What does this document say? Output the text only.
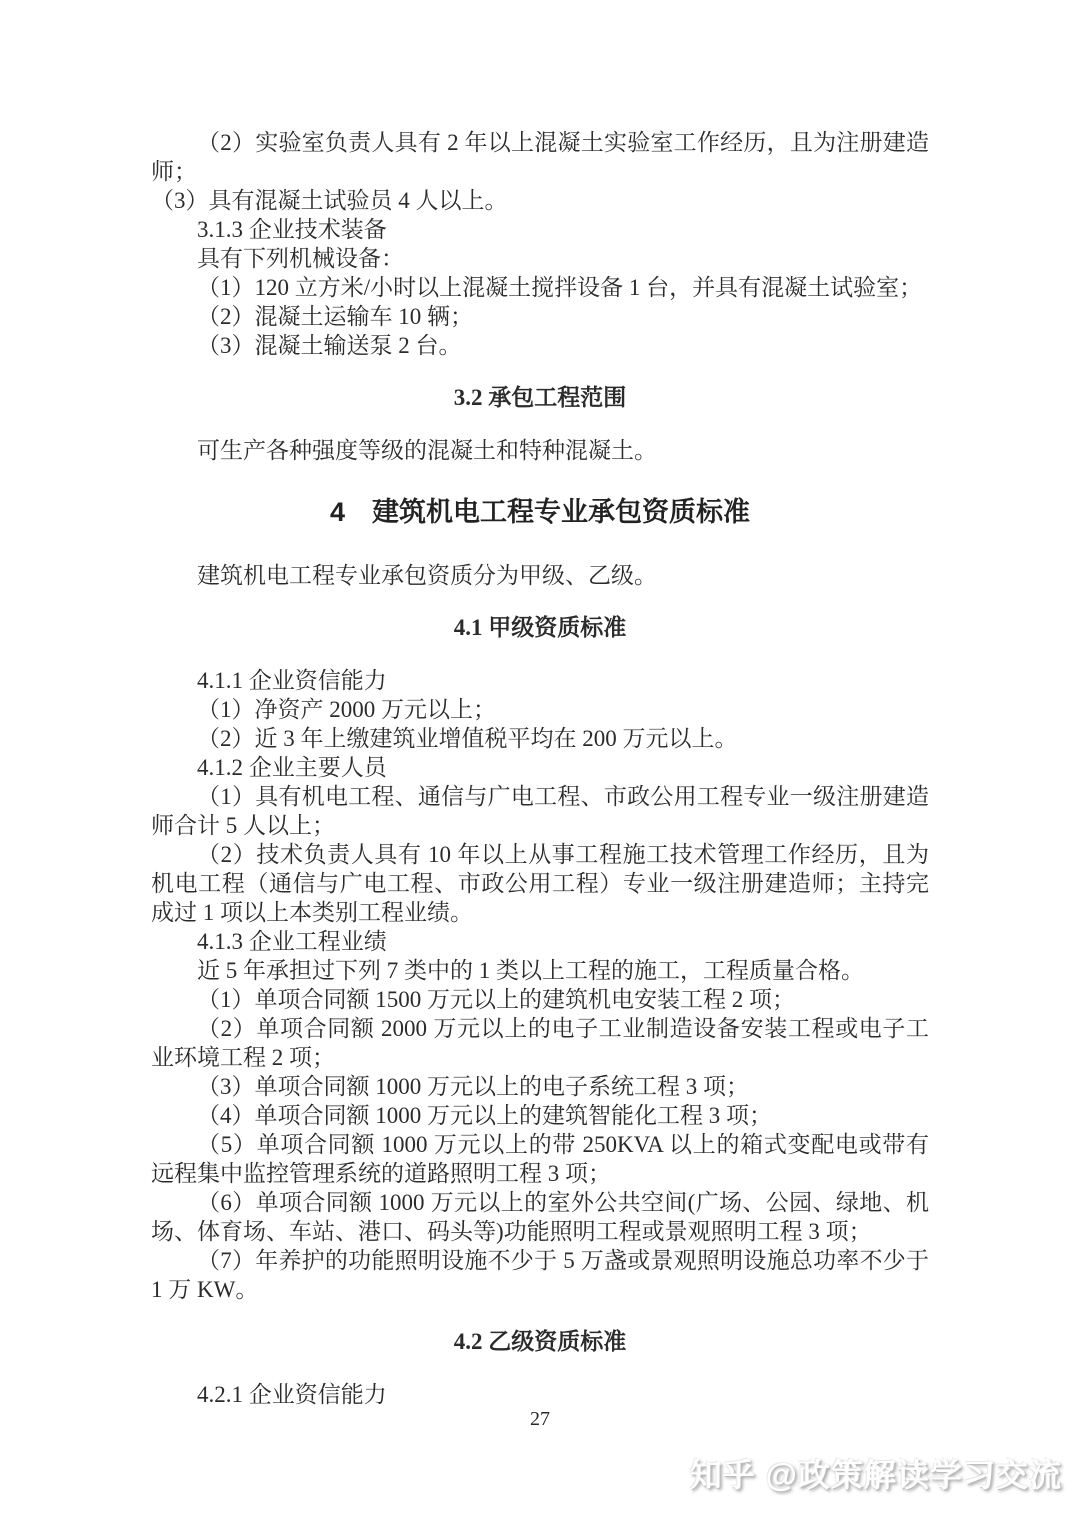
（2）实验室负责人具有 2 年以上混凝土实验室工作经历，且为注册建造师；

（3）具有混凝土试验员 4 人以上。

3.1.3 企业技术装备

具有下列机械设备：

（1）120 立方米/小时以上混凝土搅拌设备 1 台，并具有混凝土试验室；

（2）混凝土运输车 10 辆；

（3）混凝土输送泵 2 台。

3.2 承包工程范围

可生产各种强度等级的混凝土和特种混凝土。

4　建筑机电工程专业承包资质标准

建筑机电工程专业承包资质分为甲级、乙级。

4.1 甲级资质标准

4.1.1 企业资信能力

（1）净资产 2000 万元以上；

（2）近 3 年上缴建筑业增值税平均在 200 万元以上。

4.1.2 企业主要人员

（1）具有机电工程、通信与广电工程、市政公用工程专业一级注册建造师合计 5 人以上；

（2）技术负责人具有 10 年以上从事工程施工技术管理工作经历，且为机电工程（通信与广电工程、市政公用工程）专业一级注册建造师；主持完成过 1 项以上本类别工程业绩。

4.1.3 企业工程业绩

近 5 年承担过下列 7 类中的 1 类以上工程的施工，工程质量合格。

（1）单项合同额 1500 万元以上的建筑机电安装工程 2 项；

（2）单项合同额 2000 万元以上的电子工业制造设备安装工程或电子工业环境工程 2 项；

（3）单项合同额 1000 万元以上的电子系统工程 3 项；

（4）单项合同额 1000 万元以上的建筑智能化工程 3 项；

（5）单项合同额 1000 万元以上的带 250KVA 以上的箱式变配电或带有远程集中监控管理系统的道路照明工程 3 项；

（6）单项合同额 1000 万元以上的室外公共空间(广场、公园、绿地、机场、体育场、车站、港口、码头等)功能照明工程或景观照明工程 3 项；

（7）年养护的功能照明设施不少于 5 万盏或景观照明设施总功率不少于 1 万 KW。

4.2 乙级资质标准

4.2.1 企业资信能力

27
知乎 @政策解读学习交流
